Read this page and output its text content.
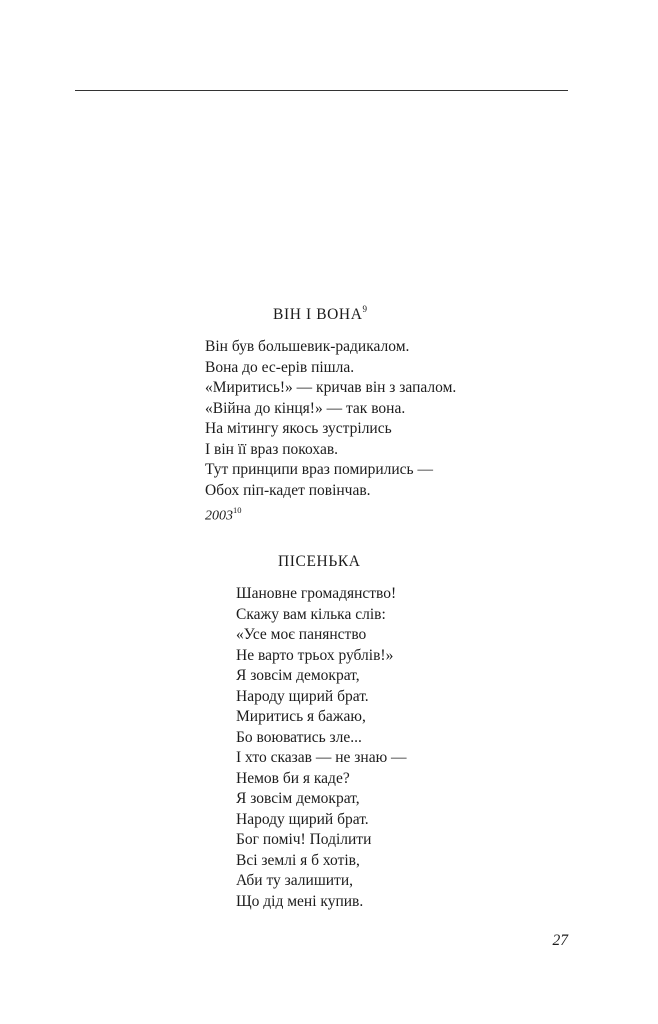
ВІН І ВОНА$^9$
Він був большевик-радикалом.
Вона до ес-ерів пішла.
«Миритись!» — кричав він з запалом.
«Війна до кінця!» — так вона.
На мітингу якось зустрілись
І він її враз покохав.
Тут принципи враз помирились —
Обох піп-кадет повінчав.
2003$^{10}$
ПІСЕНЬКА
Шановне громадянство!
Скажу вам кілька слів:
«Усе моє панянство
Не варто трьох рублів!»
Я зовсім демократ,
Народу щирий брат.
Миритись я бажаю,
Бо воюватись зле...
І хто сказав — не знаю —
Немов би я каде?
Я зовсім демократ,
Народу щирий брат.
Бог поміч! Поділити
Всі землі я б хотів,
Аби ту залишити,
Що дід мені купив.
27
